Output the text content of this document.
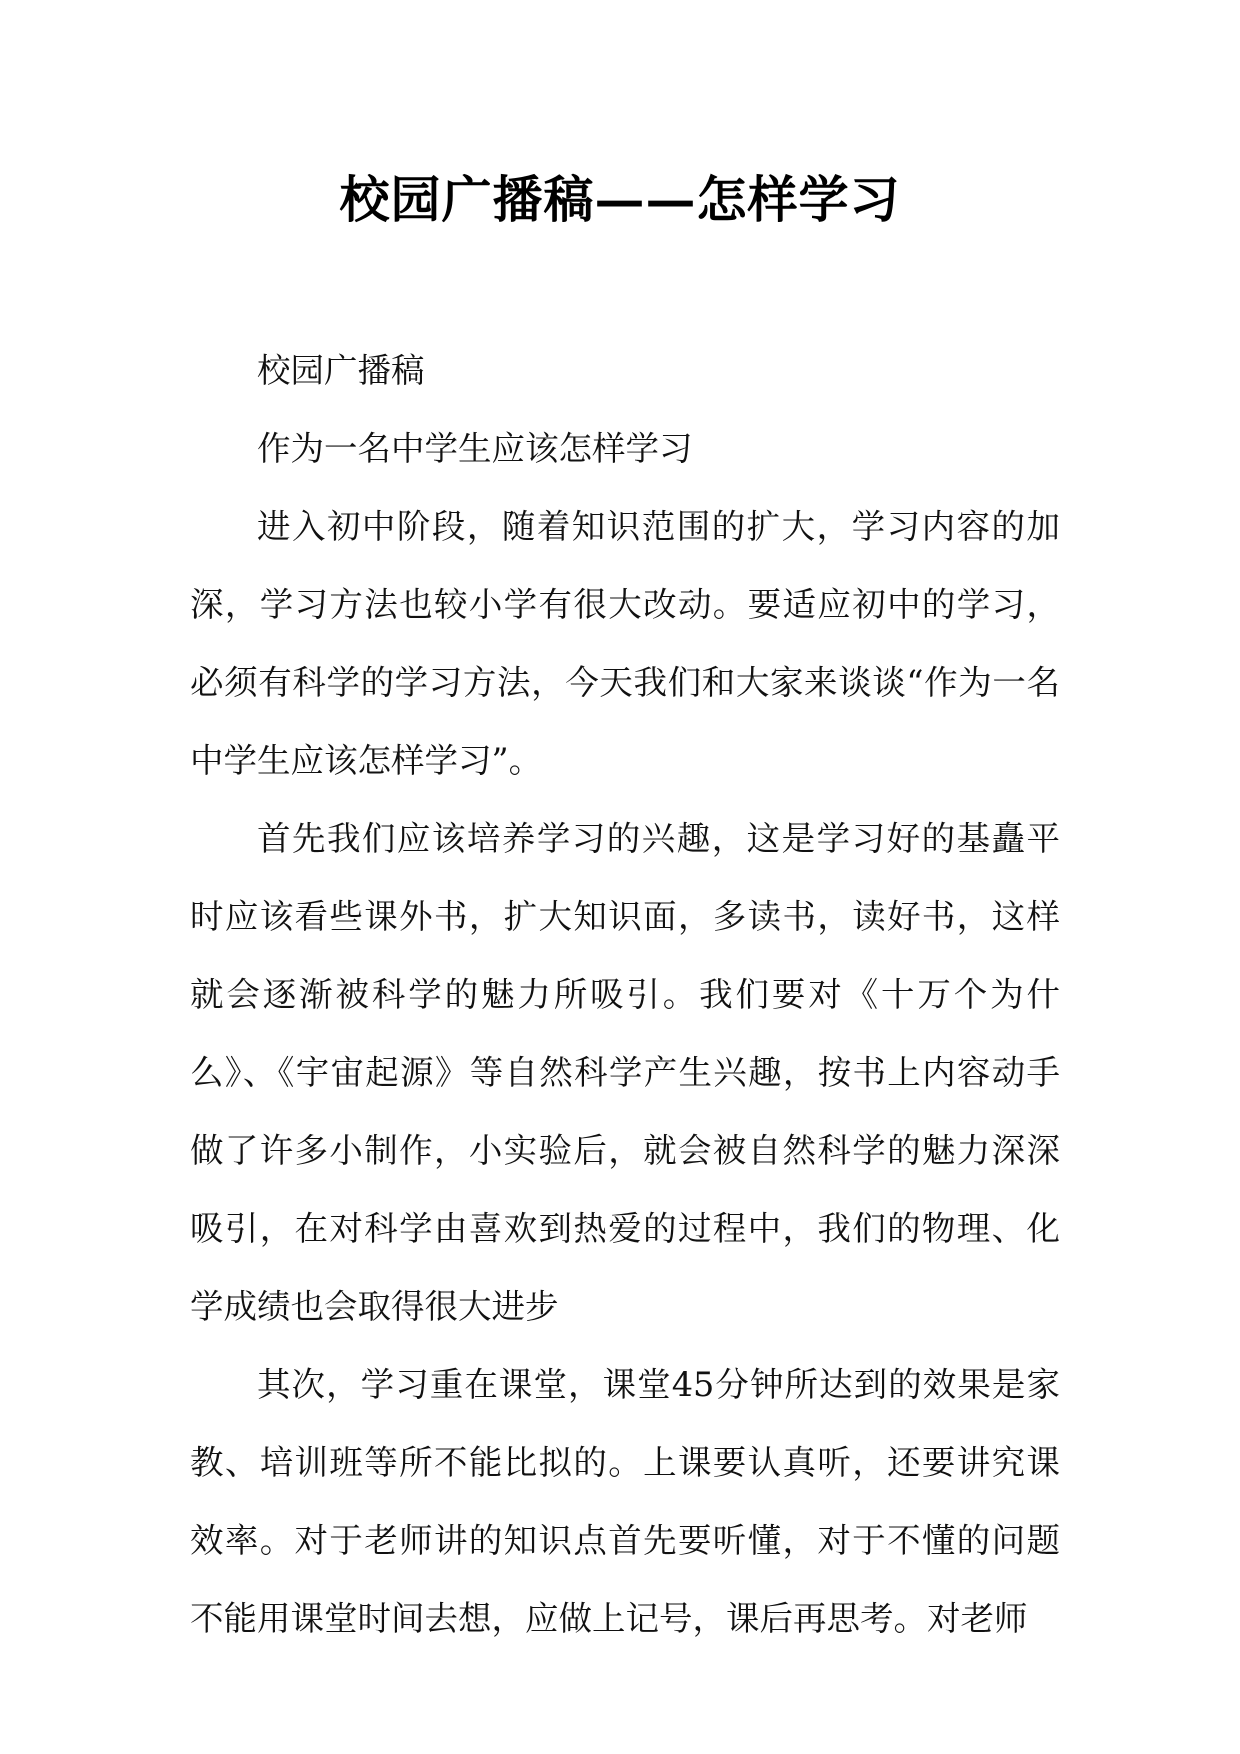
校园广播稿——怎样学习

校园广播稿

作为一名中学生应该怎样学习

进入初中阶段，随着知识范围的扩大，学习内容的加深，学习方法也较小学有很大改动。要适应初中的学习，必须有科学的学习方法，今天我们和大家来谈谈“作为一名中学生应该怎样学习”。

首先我们应该培养学习的兴趣，这是学习好的基矗平时应该看些课外书，扩大知识面，多读书，读好书，这样就会逐渐被科学的魅力所吸引。我们要对《十万个为什么》、《宇宙起源》等自然科学产生兴趣，按书上内容动手做了许多小制作，小实验后，就会被自然科学的魅力深深吸引，在对科学由喜欢到热爱的过程中，我们的物理、化学成绩也会取得很大进步

其次，学习重在课堂，课堂45分钟所达到的效果是家教、培训班等所不能比拟的。上课要认真听，还要讲究课效率。对于老师讲的知识点首先要听懂，对于不懂的问题不能用课堂时间去想，应做上记号，课后再思考。对老师
